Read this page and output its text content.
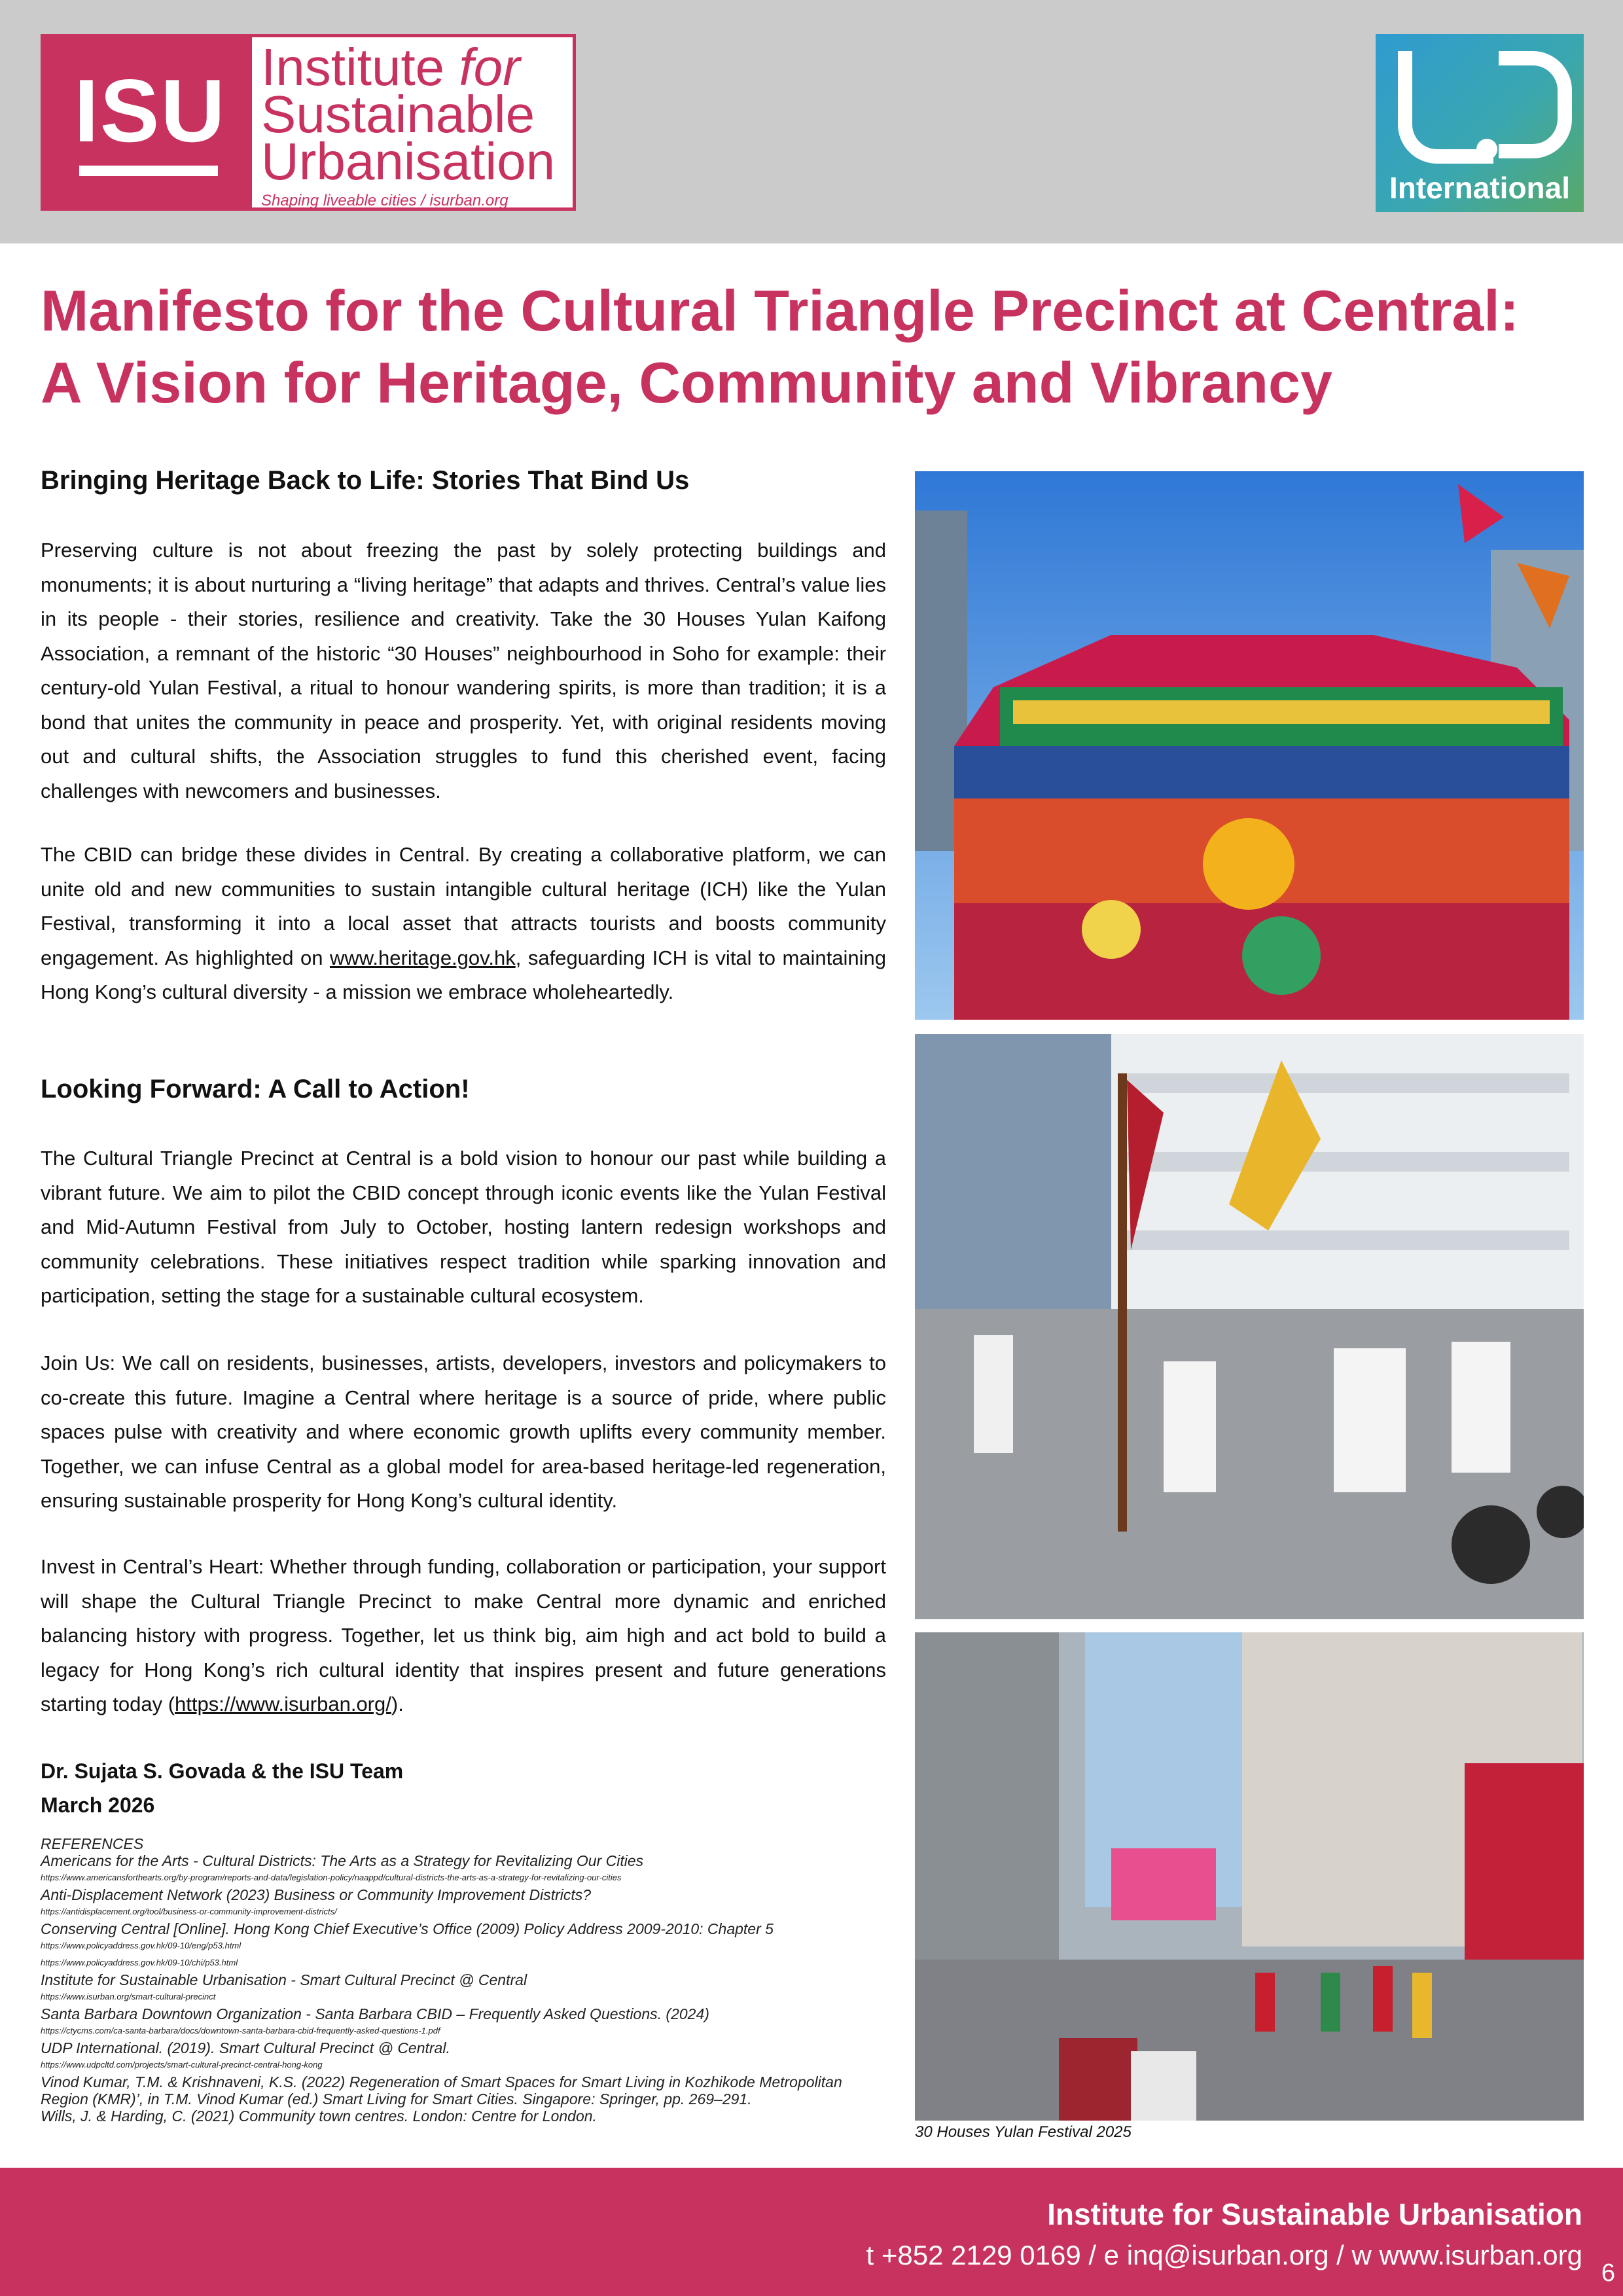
ISU Institute for
Sustainable
Urbanisation
Shaping liveable cities / isurban.org	International
Manifesto for the Cultural Triangle Precinct at Central:
A Vision for Heritage, Community and Vibrancy
Bringing Heritage Back to Life: Stories That Bind Us
Preserving culture is not about freezing the past by solely protecting buildings and monuments; it is about nurturing a “living heritage” that adapts and thrives. Central’s value lies in its people - their stories, resilience and creativity. Take the 30 Houses Yulan Kaifong Association, a remnant of the historic “30 Houses” neighbourhood in Soho for example: their century-old Yulan Festival, a ritual to honour wandering spirits, is more than tradition; it is a bond that unites the community in peace and prosperity. Yet, with original residents moving out and cultural shifts, the Association struggles to fund this cherished event, facing challenges with newcomers and businesses.
The CBID can bridge these divides in Central. By creating a collaborative platform, we can unite old and new communities to sustain intangible cultural heritage (ICH) like the Yulan Festival, transforming it into a local asset that attracts tourists and boosts community engagement. As highlighted on www.heritage.gov.hk, safeguarding ICH is vital to maintaining Hong Kong’s cultural diversity - a mission we embrace wholeheartedly.
Looking Forward: A Call to Action!
The Cultural Triangle Precinct at Central is a bold vision to honour our past while building a vibrant future. We aim to pilot the CBID concept through iconic events like the Yulan Festival and Mid-Autumn Festival from July to October, hosting lantern redesign workshops and community celebrations. These initiatives respect tradition while sparking innovation and participation, setting the stage for a sustainable cultural ecosystem.
Join Us: We call on residents, businesses, artists, developers, investors and policymakers to co-create this future. Imagine a Central where heritage is a source of pride, where public spaces pulse with creativity and where economic growth uplifts every community member. Together, we can infuse Central as a global model for area-based heritage-led regeneration, ensuring sustainable prosperity for Hong Kong’s cultural identity.
Invest in Central’s Heart: Whether through funding, collaboration or participation, your support will shape the Cultural Triangle Precinct to make Central more dynamic and enriched balancing history with progress. Together, let us think big, aim high and act bold to build a legacy for Hong Kong’s rich cultural identity that inspires present and future generations starting today (https://www.isurban.org/).
Dr. Sujata S. Govada & the ISU Team
March 2026
REFERENCES
Americans for the Arts - Cultural Districts: The Arts as a Strategy for Revitalizing Our Cities
https://www.americansforthearts.org/by-program/reports-and-data/legislation-policy/naappd/cultural-districts-the-arts-as-a-strategy-for-revitalizing-our-cities
Anti-Displacement Network (2023) Business or Community Improvement Districts?
https://antidisplacement.org/tool/business-or-community-improvement-districts/
Conserving Central [Online]. Hong Kong Chief Executive’s Office (2009) Policy Address 2009-2010: Chapter 5
https://www.policyaddress.gov.hk/09-10/eng/p53.html
https://www.policyaddress.gov.hk/09-10/chi/p53.html
Institute for Sustainable Urbanisation - Smart Cultural Precinct @ Central
https://www.isurban.org/smart-cultural-precinct
Santa Barbara Downtown Organization - Santa Barbara CBID – Frequently Asked Questions. (2024)
https://ctycms.com/ca-santa-barbara/docs/downtown-santa-barbara-cbid-frequently-asked-questions-1.pdf
UDP International. (2019). Smart Cultural Precinct @ Central.
https://www.udpcltd.com/projects/smart-cultural-precinct-central-hong-kong
Vinod Kumar, T.M. & Krishnaveni, K.S. (2022) Regeneration of Smart Spaces for Smart Living in Kozhikode Metropolitan Region (KMR)’, in T.M. Vinod Kumar (ed.) Smart Living for Smart Cities. Singapore: Springer, pp. 269–291.
Wills, J. & Harding, C. (2021) Community town centres. London: Centre for London.
30 Houses Yulan Festival 2025
Institute for Sustainable Urbanisation
t +852 2129 0169 / e inq@isurban.org / w www.isurban.org
6
